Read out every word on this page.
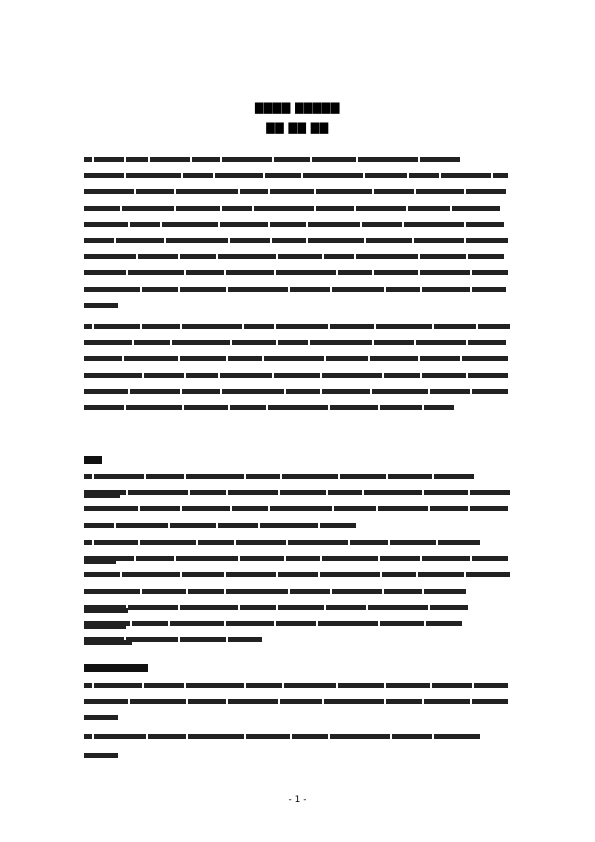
▇▇▇▇ ▇▇▇▇▇
▇▇ ▇▇ ▇▇
- 1 -
